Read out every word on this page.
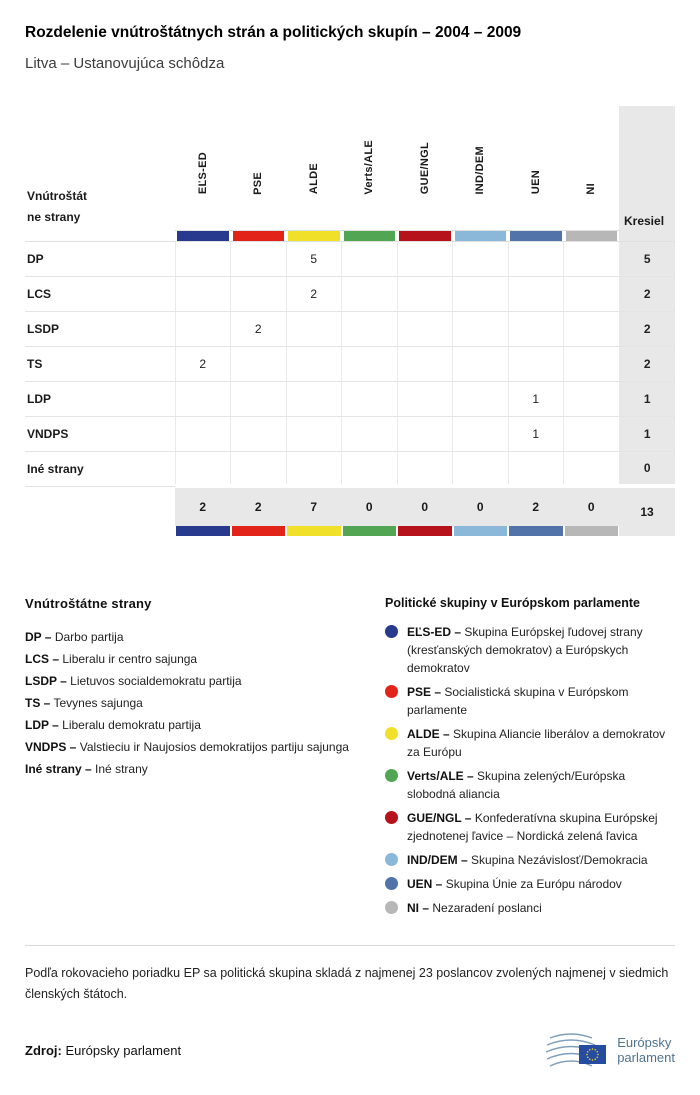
Rozdelenie vnútroštátnych strán a politických skupín – 2004 – 2009
Litva – Ustanovujúca schôdza
Vnútroštátne strany	EĽS-ED	PSE	ALDE	Verts/ALE	GUE/NGL	IND/DEM	UEN	NI	Kresiel

DP			5						5
LCS			2						2
LSDP		2							2
TS	2								2
LDP							1		1
VNDPS							1		1
Iné strany									0
	2	2	7	0	0	0	2	0	13

Vnútroštátne strany
DP – Darbo partija
LCS – Liberalu ir centro sajunga
LSDP – Lietuvos socialdemokratu partija
TS – Tevynes sajunga
LDP – Liberalu demokratu partija
VNDPS – Valstieciu ir Naujosios demokratijos partiju sajunga
Iné strany – Iné strany
Politické skupiny v Európskom parlamente
EĽS-ED – Skupina Európskej ľudovej strany (kresťanských demokratov) a Európskych demokratov
PSE – Socialistická skupina v Európskom parlamente
ALDE – Skupina Aliancie liberálov a demokratov za Európu
Verts/ALE – Skupina zelených/Európska slobodná aliancia
GUE/NGL – Konfederatívna skupina Európskej zjednotenej ľavice – Nordická zelená ľavica
IND/DEM – Skupina Nezávislosť/Demokracia
UEN – Skupina Únie za Európu národov
NI – Nezaradení poslanci
Podľa rokovacieho poriadku EP sa politická skupina skladá z najmenej 23 poslancov zvolených najmenej v siedmich členských štátoch.
Zdroj: Európsky parlament	Európsky
parlament
